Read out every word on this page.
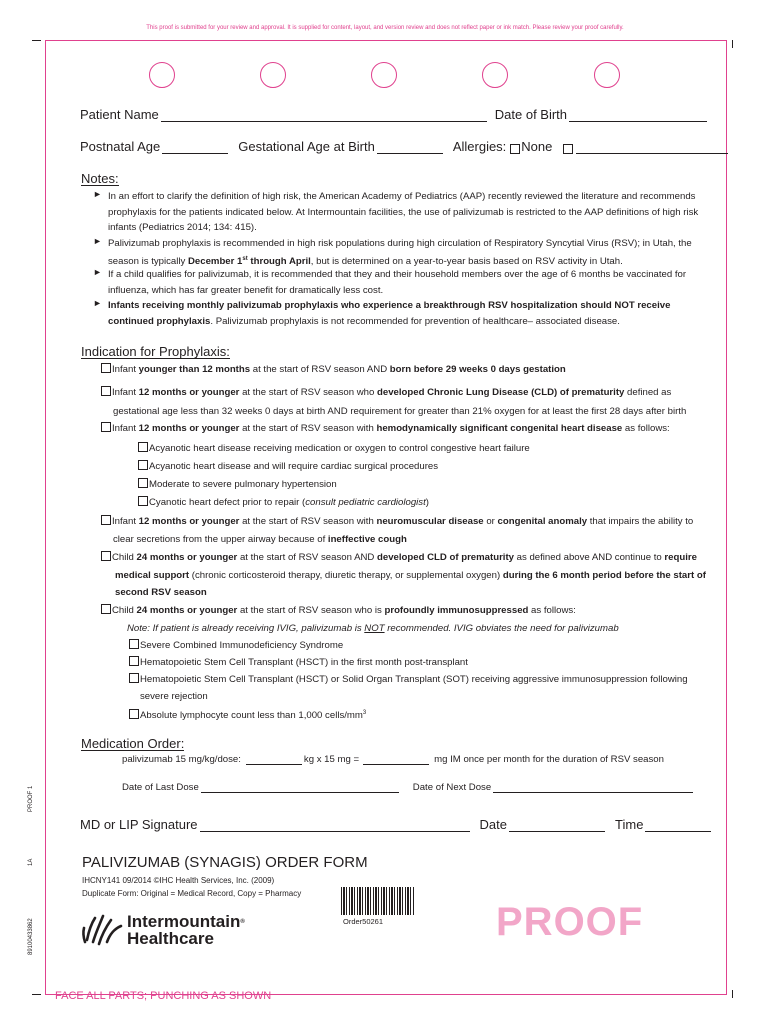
This proof is submitted for your review and approval. It is supplied for content, layout, and version review and does not reflect paper or ink match. Please review your proof carefully.
Patient Name	Date of Birth
Postnatal Age	Gestational Age at Birth	Allergies: None
Notes:
► In an effort to clarify the definition of high risk, the American Academy of Pediatrics (AAP) recently reviewed the literature and recommends
prophylaxis for the patients indicated below. At Intermountain facilities, the use of palivizumab is restricted to the AAP definitions of high risk
infants (Pediatrics 2014; 134: 415).
► Palivizumab prophylaxis is recommended in high risk populations during high circulation of Respiratory Syncytial Virus (RSV); in Utah, the
season is typically December 1st through April, but is determined on a year-to-year basis based on RSV activity in Utah.
► If a child qualifies for palivizumab, it is recommended that they and their household members over the age of 6 months be vaccinated for
influenza, which has far greater benefit for dramatically less cost.
► Infants receiving monthly palivizumab prophylaxis who experience a breakthrough RSV hospitalization should NOT receive
continued prophylaxis. Palivizumab prophylaxis is not recommended for prevention of healthcare– associated disease.
Indication for Prophylaxis:
Infant younger than 12 months at the start of RSV season AND born before 29 weeks 0 days gestation
Infant 12 months or younger at the start of RSV season who developed Chronic Lung Disease (CLD) of prematurity defined as
gestational age less than 32 weeks 0 days at birth AND requirement for greater than 21% oxygen for at least the first 28 days after birth
Infant 12 months or younger at the start of RSV season with hemodynamically significant congenital heart disease as follows:
Acyanotic heart disease receiving medication or oxygen to control congestive heart failure
Acyanotic heart disease and will require cardiac surgical procedures
Moderate to severe pulmonary hypertension
Cyanotic heart defect prior to repair (consult pediatric cardiologist)
Infant 12 months or younger at the start of RSV season with neuromuscular disease or congenital anomaly that impairs the ability to
clear secretions from the upper airway because of ineffective cough
Child 24 months or younger at the start of RSV season AND developed CLD of prematurity as defined above AND continue to require
medical support (chronic corticosteroid therapy, diuretic therapy, or supplemental oxygen) during the 6 month period before the start of
second RSV season
Child 24 months or younger at the start of RSV season who is profoundly immunosuppressed as follows:
Note: If patient is already receiving IVIG, palivizumab is NOT recommended. IVIG obviates the need for palivizumab
Severe Combined Immunodeficiency Syndrome
Hematopoietic Stem Cell Transplant (HSCT) in the first month post-transplant
Hematopoietic Stem Cell Transplant (HSCT) or Solid Organ Transplant (SOT) receiving aggressive immunosuppression following
severe rejection
Absolute lymphocyte count less than 1,000 cells/$mm^3$
Medication Order:
palivizumab 15 mg/kg/dose:	kg x 15 mg =	mg IM once per month for the duration of RSV season
Date of Last Dose	Date of Next Dose
MD or LIP Signature	Date	Time
PALIVIZUMAB (SYNAGIS) ORDER FORM
IHCNY141 09/2014 ©IHC Health Services, Inc. (2009)
Duplicate Form: Original = Medical Record, Copy = Pharmacy
Intermountain®
Healthcare
Order50261	PROOF
FACE ALL PARTS; PUNCHING AS SHOWN
PROOF 1
1A
89100433862
